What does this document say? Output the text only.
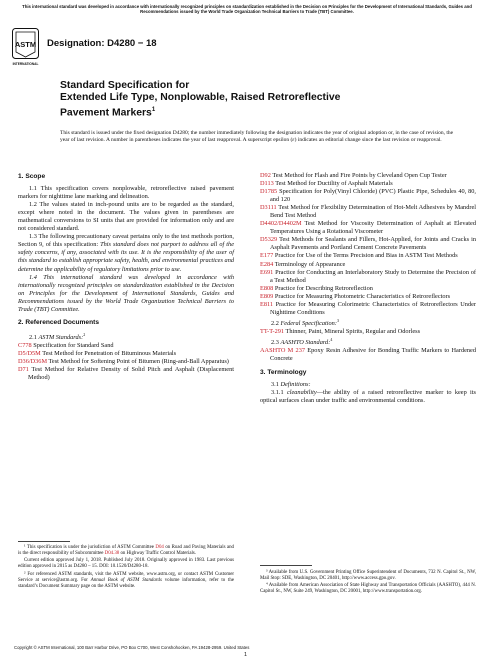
This international standard was developed in accordance with internationally recognized principles on standardization established in the Decision on Principles for the Development of International Standards, Guides and Recommendations issued by the World Trade Organization Technical Barriers to Trade (TBT) Committee.
ASTM
INTERNATIONAL
Designation: D4280 − 18
Standard Specification for
Extended Life Type, Nonplowable, Raised Retroreflective
Pavement Markers$^1$
This standard is issued under the fixed designation D4280; the number immediately following the designation indicates the year of original adoption or, in the case of revision, the year of last revision. A number in parentheses indicates the year of last reapproval. A superscript epsilon (ε) indicates an editorial change since the last revision or reapproval.

1. Scope

1.1 This specification covers nonplowable, retroreflective raised pavement markers for nighttime lane marking and delineation.

1.2 The values stated in inch-pound units are to be regarded as the standard, except where noted in the document. The values given in parentheses are mathematical conversions to SI units that are provided for information only and are not considered standard.

1.3 The following precautionary caveat pertains only to the test methods portion, Section 9, of this specification: This standard does not purport to address all of the safety concerns, if any, associated with its use. It is the responsibility of the user of this standard to establish appropriate safety, health, and environmental practices and determine the applicability of regulatory limitations prior to use.

1.4 This international standard was developed in accordance with internationally recognized principles on standardization established in the Decision on Principles for the Development of International Standards, Guides and Recommendations issued by the World Trade Organization Technical Barriers to Trade (TBT) Committee.

2. Referenced Documents

2.1 ASTM Standards:$^2$

C778 Specification for Standard Sand

D5/D5M Test Method for Penetration of Bituminous Materials

D36/D36M Test Method for Softening Point of Bitumen (Ring-and-Ball Apparatus)

D71 Test Method for Relative Density of Solid Pitch and Asphalt (Displacement Method)

D92 Test Method for Flash and Fire Points by Cleveland Open Cup Tester

D113 Test Method for Ductility of Asphalt Materials

D1785 Specification for Poly(Vinyl Chloride) (PVC) Plastic Pipe, Schedules 40, 80, and 120

D3111 Test Method for Flexibility Determination of Hot-Melt Adhesives by Mandrel Bend Test Method

D4402/D4402M Test Method for Viscosity Determination of Asphalt at Elevated Temperatures Using a Rotational Viscometer

D5329 Test Methods for Sealants and Fillers, Hot-Applied, for Joints and Cracks in Asphalt Pavements and Portland Cement Concrete Pavements

E177 Practice for Use of the Terms Precision and Bias in ASTM Test Methods

E284 Terminology of Appearance

E691 Practice for Conducting an Interlaboratory Study to Determine the Precision of a Test Method

E808 Practice for Describing Retroreflection

E809 Practice for Measuring Photometric Characteristics of Retroreflectors

E811 Practice for Measuring Colorimetric Characteristics of Retroreflectors Under Nighttime Conditions

2.2 Federal Specification:$^3$

TT-T-291 Thinner, Paint, Mineral Spirits, Regular and Odorless

2.3 AASHTO Standard:$^4$

AASHTO M 237 Epoxy Resin Adhesive for Bonding Traffic Markers to Hardened Concrete

3. Terminology

3.1 Definitions:

3.1.1 cleanability—the ability of a raised retroreflective marker to keep its optical surfaces clean under traffic and environmental conditions.

¹ This specification is under the jurisdiction of ASTM Committee D04 on Road and Paving Materials and is the direct responsibility of Subcommittee D04.38 on Highway Traffic Control Materials.

Current edition approved July 1, 2018. Published July 2018. Originally approved in 1983. Last previous edition approved in 2015 as D4280 – 15. DOI: 10.1520/D4280-18.

² For referenced ASTM standards, visit the ASTM website, www.astm.org, or contact ASTM Customer Service at service@astm.org. For Annual Book of ASTM Standards volume information, refer to the standard’s Document Summary page on the ASTM website.

³ Available from U.S. Government Printing Office Superintendent of Documents, 732 N. Capitol St., NW, Mail Stop: SDE, Washington, DC 20401, http://www.access.gpo.gov.

⁴ Available from American Association of State Highway and Transportation Officials (AASHTO), 444 N. Capitol St., NW, Suite 249, Washington, DC 20001, http://www.transportation.org.

Copyright © ASTM International, 100 Barr Harbor Drive, PO Box C700, West Conshohocken, PA 19428-2959. United States
1
